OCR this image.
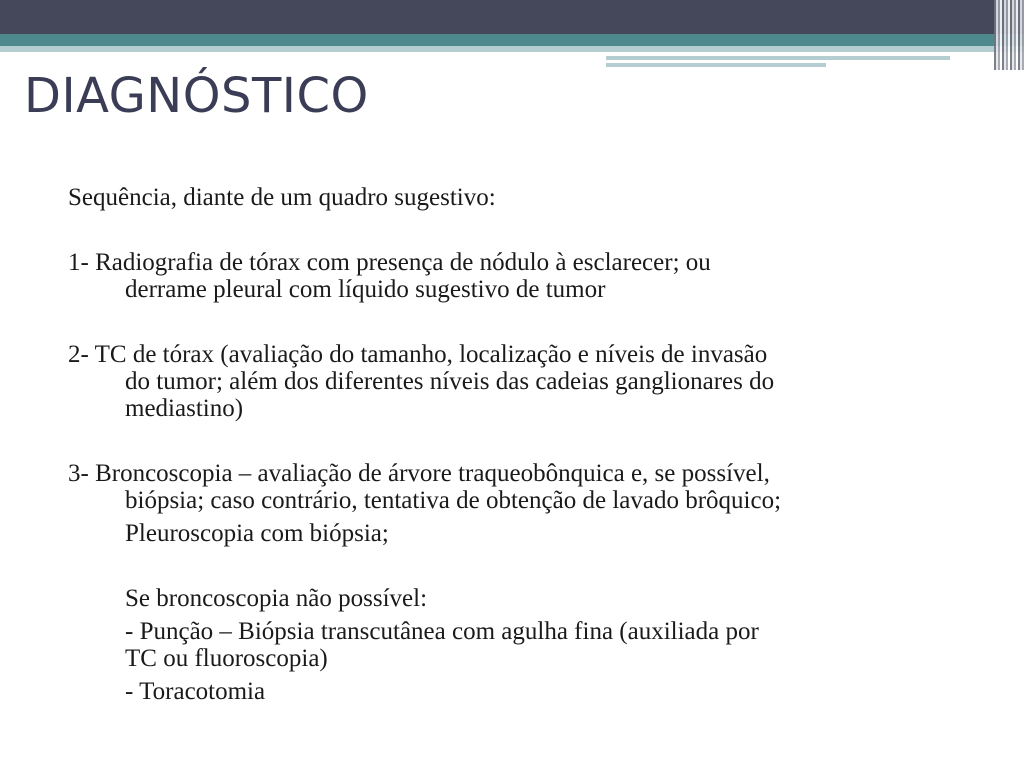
DIAGNÓSTICO

Sequência, diante de um quadro sugestivo:

1- Radiografia de tórax com presença de nódulo à esclarecer; ou
derrame pleural com líquido sugestivo de tumor

2- TC de tórax (avaliação do tamanho, localização e níveis de invasão
do tumor; além dos diferentes níveis das cadeias ganglionares do
mediastino)

3- Broncoscopia – avaliação de árvore traqueobônquica e, se possível,
biópsia; caso contrário, tentativa de obtenção de lavado brôquico;

Pleuroscopia com biópsia;

Se broncoscopia não possível:

- Punção – Biópsia transcutânea com agulha fina (auxiliada por
TC ou fluoroscopia)

- Toracotomia
